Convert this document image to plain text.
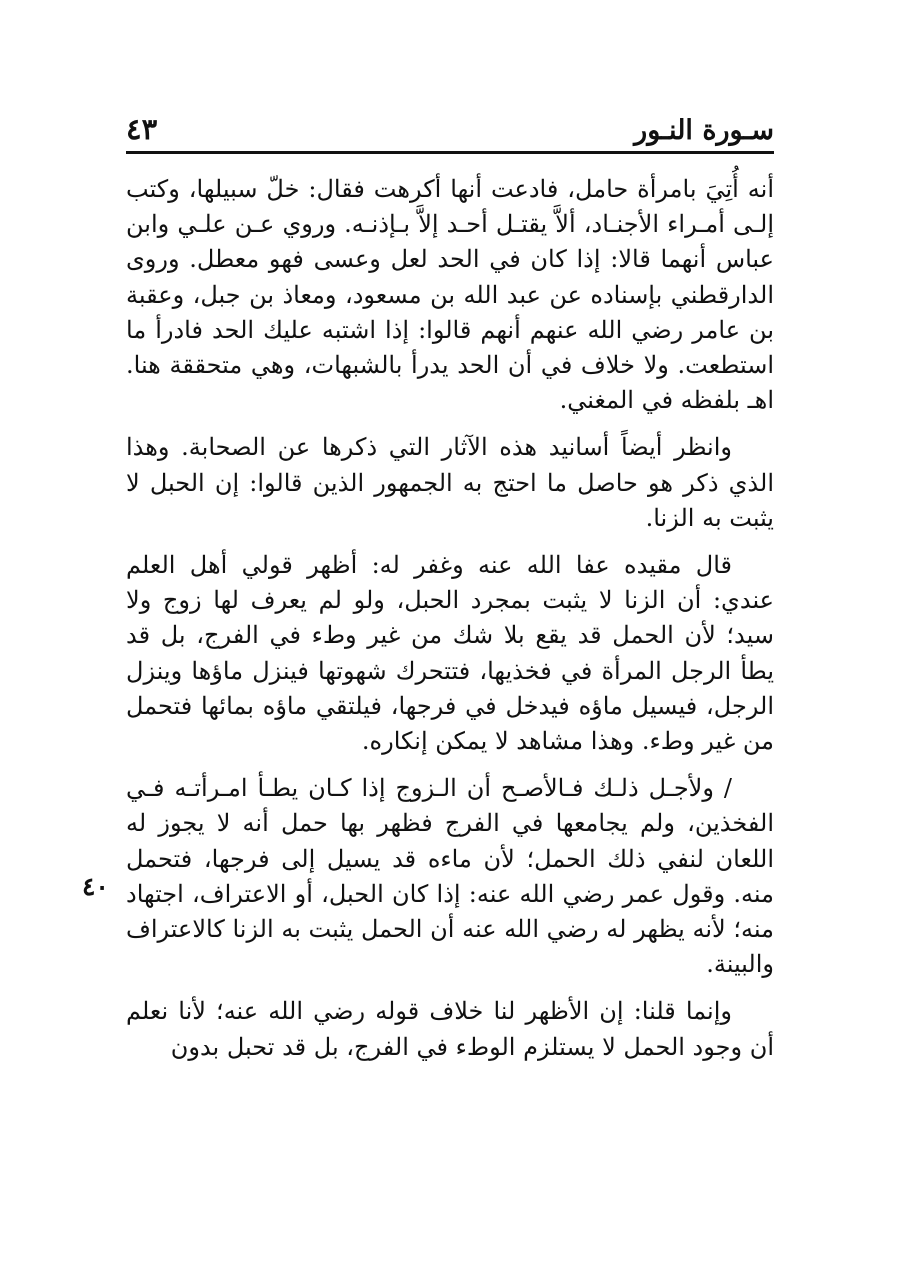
سـورة النـور
٤٣
٤٠

أنه أُتِيَ بامرأة حامل، فادعت أنها أكرهت فقال: خلّ سبيلها، وكتب إلـى أمـراء الأجنـاد، ألاَّ يقتـل أحـد إلاَّ بـإذنـه. وروي عـن علـي وابن عباس أنهما قالا: إذا كان في الحد لعل وعسى فهو معطل. وروى الدارقطني بإسناده عن عبد الله بن مسعود، ومعاذ بن جبل، وعقبة بن عامر رضي الله عنهم أنهم قالوا: إذا اشتبه عليك الحد فادرأ ما استطعت. ولا خلاف في أن الحد يدرأ بالشبهات، وهي متحققة هنا. اهـ بلفظه في المغني.

وانظر أيضاً أسانيد هذه الآثار التي ذكرها عن الصحابة. وهذا الذي ذكر هو حاصل ما احتج به الجمهور الذين قالوا: إن الحبل لا يثبت به الزنا.

قال مقيده عفا الله عنه وغفر له: أظهر قولي أهل العلم عندي: أن الزنا لا يثبت بمجرد الحبل، ولو لم يعرف لها زوج ولا سيد؛ لأن الحمل قد يقع بلا شك من غير وطء في الفرج، بل قد يطأ الرجل المرأة في فخذيها، فتتحرك شهوتها فينزل ماؤها وينزل الرجل، فيسيل ماؤه فيدخل في فرجها، فيلتقي ماؤه بمائها فتحمل من غير وطء. وهذا مشاهد لا يمكن إنكاره.

/ ولأجـل ذلـك فـالأصـح أن الـزوج إذا كـان يطـأ امـرأتـه فـي الفخذين، ولم يجامعها في الفرج فظهر بها حمل أنه لا يجوز له اللعان لنفي ذلك الحمل؛ لأن ماءه قد يسيل إلى فرجها، فتحمل منه. وقول عمر رضي الله عنه: إذا كان الحبل، أو الاعتراف، اجتهاد منه؛ لأنه يظهر له رضي الله عنه أن الحمل يثبت به الزنا كالاعتراف والبينة.

وإنما قلنا: إن الأظهر لنا خلاف قوله رضي الله عنه؛ لأنا نعلم أن وجود الحمل لا يستلزم الوطء في الفرج، بل قد تحبل بدون
